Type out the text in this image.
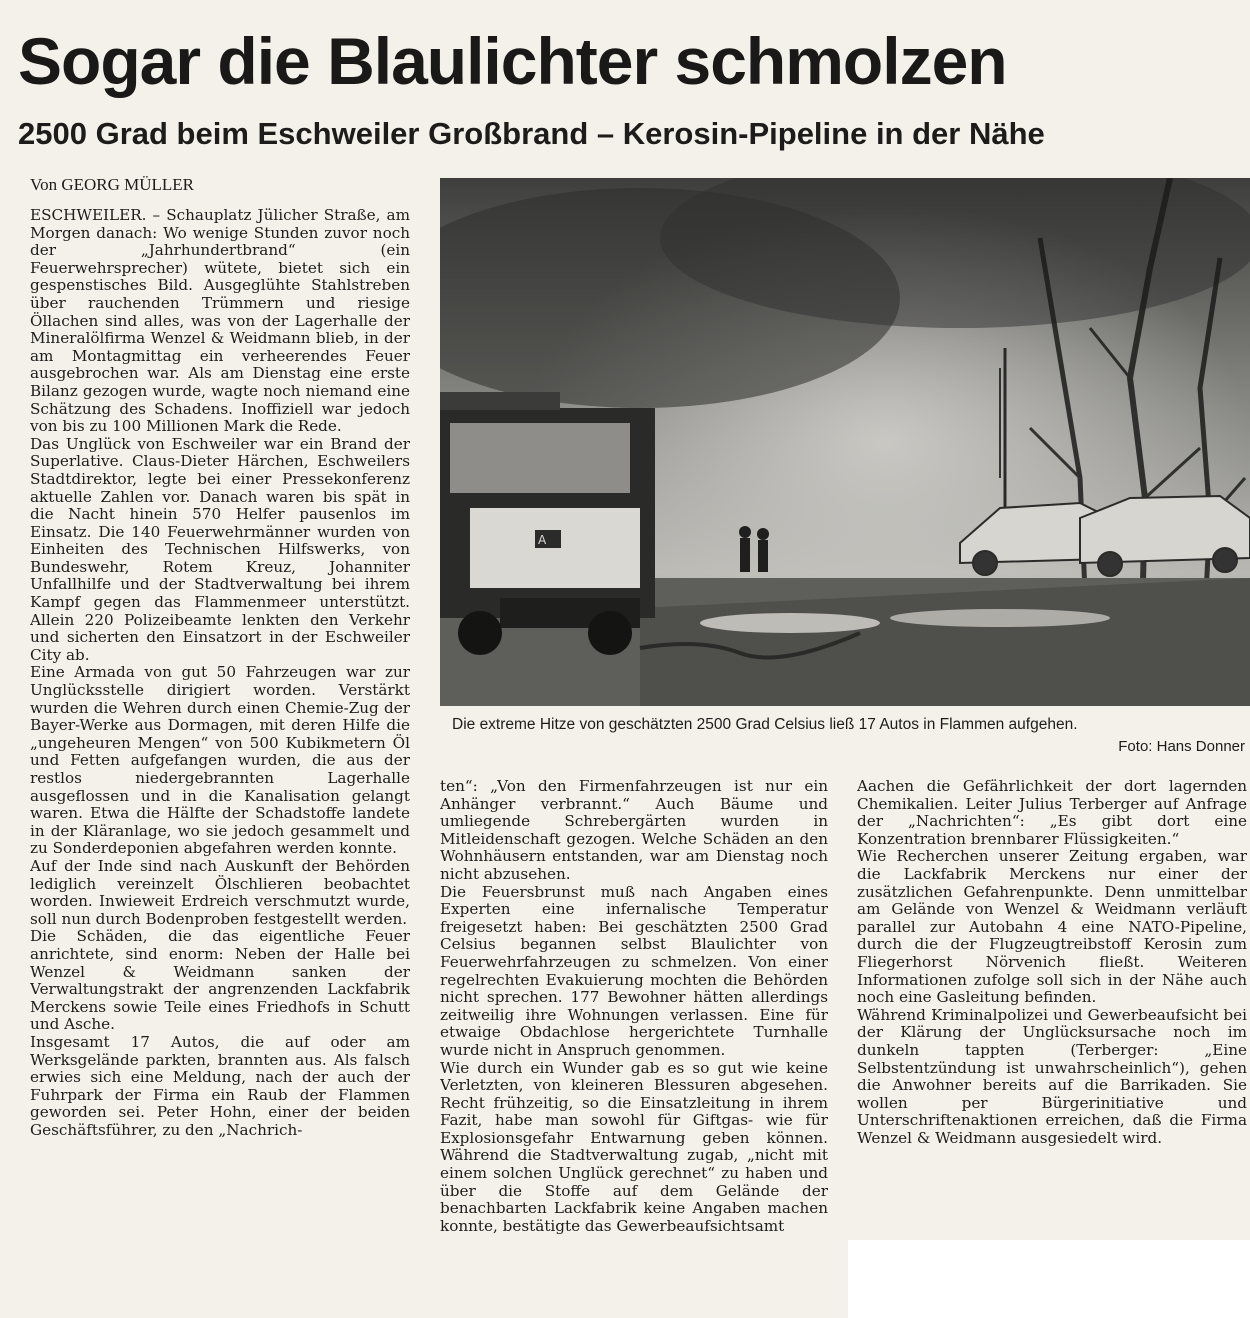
Sogar die Blaulichter schmolzen
2500 Grad beim Eschweiler Großbrand – Kerosin-Pipeline in der Nähe
Von GEORG MÜLLER

ESCHWEILER. – Schauplatz Jülicher Straße, am Morgen danach: Wo wenige Stunden zuvor noch der „Jahrhundertbrand“ (ein Feuerwehrsprecher) wütete, bietet sich ein gespenstisches Bild. Ausgeglühte Stahlstreben über rauchenden Trümmern und riesige Öllachen sind alles, was von der Lagerhalle der Mineralölfirma Wenzel & Weidmann blieb, in der am Montagmittag ein verheerendes Feuer ausgebrochen war. Als am Dienstag eine erste Bilanz gezogen wurde, wagte noch niemand eine Schätzung des Schadens. Inoffiziell war jedoch von bis zu 100 Millionen Mark die Rede.

Das Unglück von Eschweiler war ein Brand der Superlative. Claus-Dieter Härchen, Eschweilers Stadtdirektor, legte bei einer Pressekonferenz aktuelle Zahlen vor. Danach waren bis spät in die Nacht hinein 570 Helfer pausenlos im Einsatz. Die 140 Feuerwehrmänner wurden von Einheiten des Technischen Hilfswerks, von Bundeswehr, Rotem Kreuz, Johanniter Unfallhilfe und der Stadtverwaltung bei ihrem Kampf gegen das Flammenmeer unterstützt. Allein 220 Polizeibeamte lenkten den Verkehr und sicherten den Einsatzort in der Eschweiler City ab.

Eine Armada von gut 50 Fahrzeugen war zur Unglücksstelle dirigiert worden. Verstärkt wurden die Wehren durch einen Chemie-Zug der Bayer-Werke aus Dormagen, mit deren Hilfe die „ungeheuren Mengen“ von 500 Kubikmetern Öl und Fetten aufgefangen wurden, die aus der restlos niedergebrannten Lagerhalle ausgeflossen und in die Kanalisation gelangt waren. Etwa die Hälfte der Schadstoffe landete in der Kläranlage, wo sie jedoch gesammelt und zu Sonderdeponien abgefahren werden konnte.

Auf der Inde sind nach Auskunft der Behörden lediglich vereinzelt Ölschlieren beobachtet worden. Inwieweit Erdreich verschmutzt wurde, soll nun durch Bodenproben festgestellt werden.

Die Schäden, die das eigentliche Feuer anrichtete, sind enorm: Neben der Halle bei Wenzel & Weidmann sanken der Verwaltungstrakt der angrenzenden Lackfabrik Merckens sowie Teile eines Friedhofs in Schutt und Asche.

Insgesamt 17 Autos, die auf oder am Werksgelände parkten, brannten aus. Als falsch erwies sich eine Meldung, nach der auch der Fuhrpark der Firma ein Raub der Flammen geworden sei. Peter Hohn, einer der beiden Geschäftsführer, zu den „Nachrich-

A
Die extreme Hitze von geschätzten 2500 Grad Celsius ließ 17 Autos in Flammen aufgehen.
Foto: Hans Donner

ten“: „Von den Firmenfahrzeugen ist nur ein Anhänger verbrannt.“ Auch Bäume und umliegende Schrebergärten wurden in Mitleidenschaft gezogen. Welche Schäden an den Wohnhäusern entstanden, war am Dienstag noch nicht abzusehen.

Die Feuersbrunst muß nach Angaben eines Experten eine infernalische Temperatur freigesetzt haben: Bei geschätzten 2500 Grad Celsius begannen selbst Blaulichter von Feuerwehrfahrzeugen zu schmelzen. Von einer regelrechten Evakuierung mochten die Behörden nicht sprechen. 177 Bewohner hätten allerdings zeitweilig ihre Wohnungen verlassen. Eine für etwaige Obdachlose hergerichtete Turnhalle wurde nicht in Anspruch genommen.

Wie durch ein Wunder gab es so gut wie keine Verletzten, von kleineren Blessuren abgesehen. Recht frühzeitig, so die Einsatzleitung in ihrem Fazit, habe man sowohl für Giftgas- wie für Explosionsgefahr Entwarnung geben können. Während die Stadtverwaltung zugab, „nicht mit einem solchen Unglück gerechnet“ zu haben und über die Stoffe auf dem Gelände der benachbarten Lackfabrik keine Angaben machen konnte, bestätigte das Gewerbeaufsichtsamt

Aachen die Gefährlichkeit der dort lagernden Chemikalien. Leiter Julius Terberger auf Anfrage der „Nachrichten“: „Es gibt dort eine Konzentration brennbarer Flüssigkeiten.“

Wie Recherchen unserer Zeitung ergaben, war die Lackfabrik Merckens nur einer der zusätzlichen Gefahrenpunkte. Denn unmittelbar am Gelände von Wenzel & Weidmann verläuft parallel zur Autobahn 4 eine NATO-Pipeline, durch die der Flugzeugtreibstoff Kerosin zum Fliegerhorst Nörvenich fließt. Weiteren Informationen zufolge soll sich in der Nähe auch noch eine Gasleitung befinden.

Während Kriminalpolizei und Gewerbeaufsicht bei der Klärung der Unglücksursache noch im dunkeln tappten (Terberger: „Eine Selbstentzündung ist unwahrscheinlich“), gehen die Anwohner bereits auf die Barrikaden. Sie wollen per Bürgerinitiative und Unterschriftenaktionen erreichen, daß die Firma Wenzel & Weidmann ausgesiedelt wird.
